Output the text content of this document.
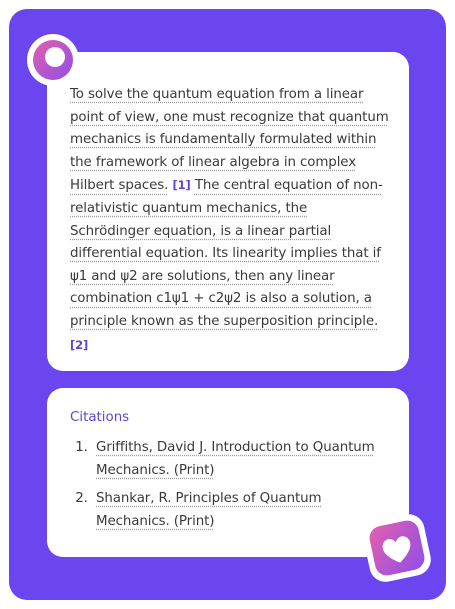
To solve the quantum equation from a linear point of view, one must recognize that quantum mechanics is fundamentally formulated within the framework of linear algebra in complex Hilbert spaces. [1] The central equation of non-relativistic quantum mechanics, the Schrödinger equation, is a linear partial differential equation. Its linearity implies that if ψ1 and ψ2 are solutions, then any linear combination c1ψ1 + c2ψ2 is also a solution, a principle known as the superposition principle. [2]

Citations
1. Griffiths, David J. Introduction to Quantum Mechanics. (Print)
2. Shankar, R. Principles of Quantum Mechanics. (Print)
